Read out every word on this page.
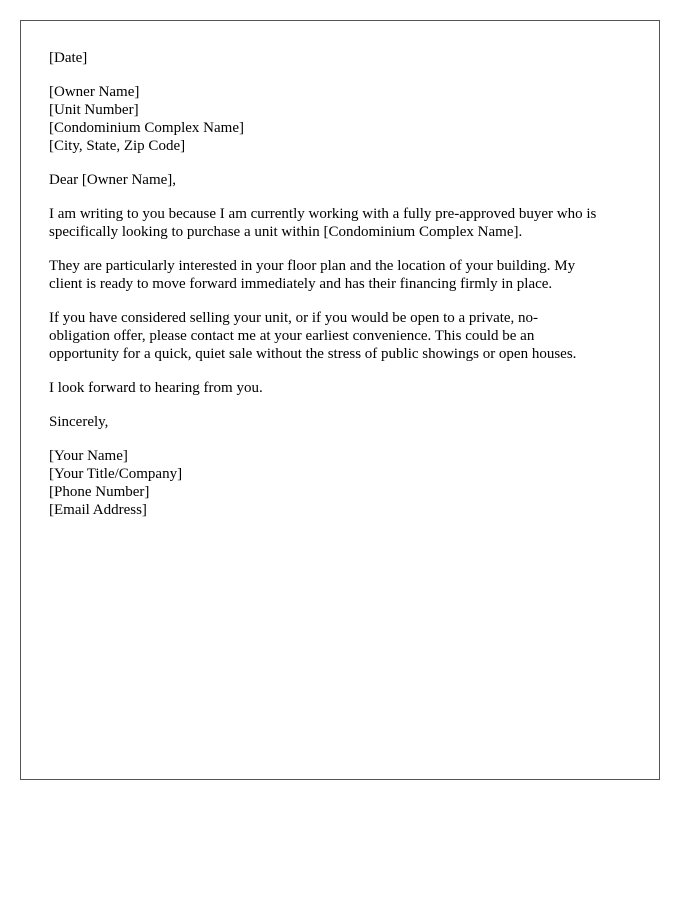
[Date]
[Owner Name]
[Unit Number]
[Condominium Complex Name]
[City, State, Zip Code]
Dear [Owner Name],

I am writing to you because I am currently working with a fully pre-approved buyer who is
specifically looking to purchase a unit within [Condominium Complex Name].

They are particularly interested in your floor plan and the location of your building. My
client is ready to move forward immediately and has their financing firmly in place.

If you have considered selling your unit, or if you would be open to a private, no-
obligation offer, please contact me at your earliest convenience. This could be an
opportunity for a quick, quiet sale without the stress of public showings or open houses.

I look forward to hearing from you.

Sincerely,
[Your Name]
[Your Title/Company]
[Phone Number]
[Email Address]
